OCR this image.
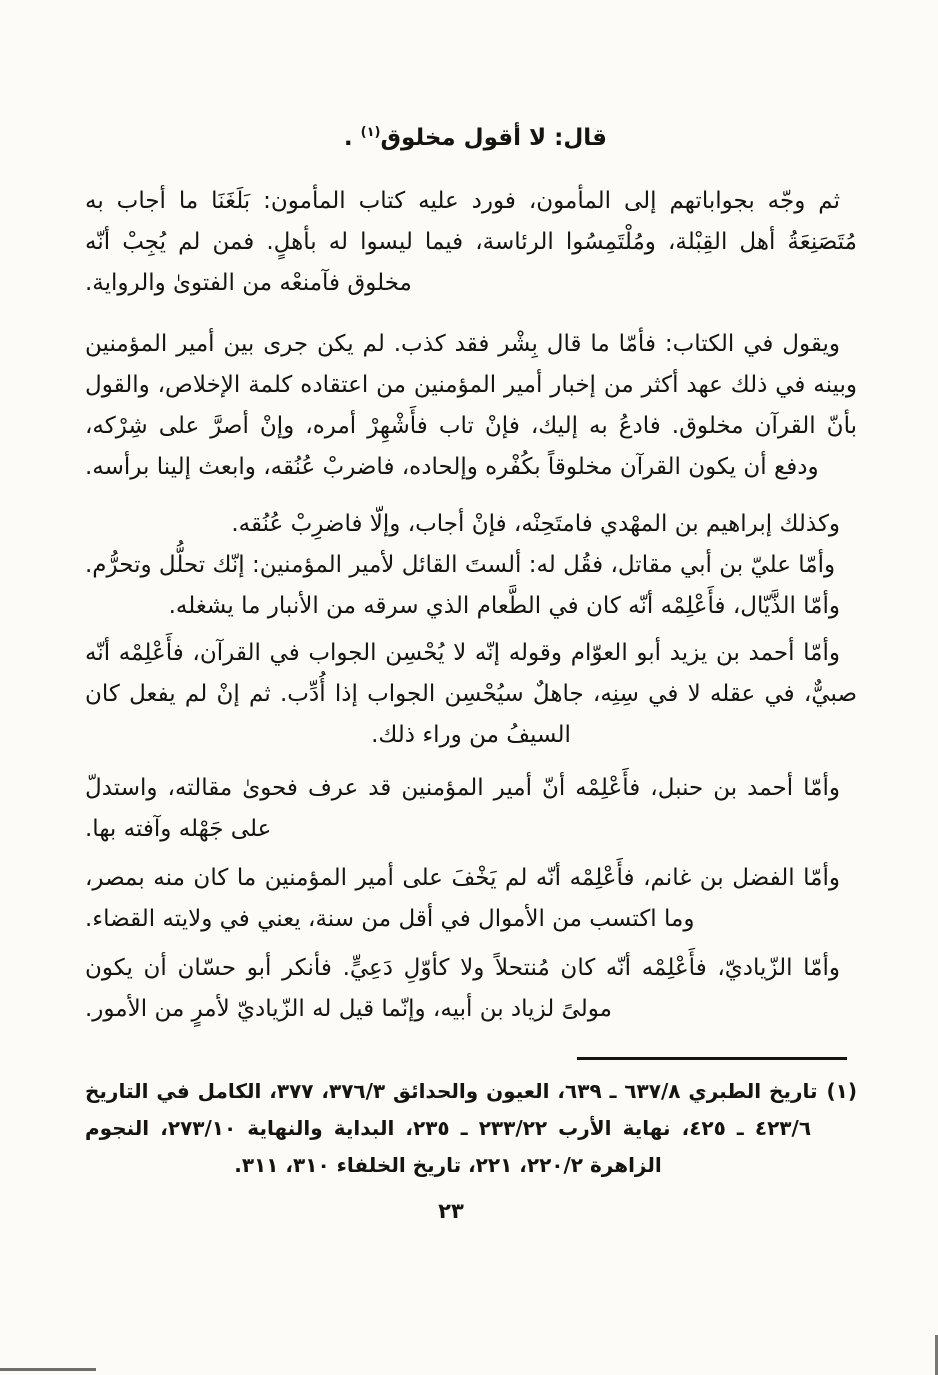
قال: لا أقول مخلوق$^{(١)}$ .

ثم وجّه بجواباتهم إلى المأمون، فورد عليه كتاب المأمون: بَلَغَنَا ما أجاب به مُتَصَنِعَةُ أهل القِبْلة، ومُلْتَمِسُوا الرئاسة، فيما ليسوا له بأهلٍ. فمن لم يُجِبْ أنّه مخلوق فآمنعْه من الفتوىٰ والرواية.

ويقول في الكتاب: فأمّا ما قال بِشْر فقد كذب. لم يكن جرى بين أمير المؤمنين وبينه في ذلك عهد أكثر من إخبار أمير المؤمنين من اعتقاده كلمة الإخلاص، والقول بأنّ القرآن مخلوق. فادعُ به إليك، فإنْ تاب فأَشْهِرْ أمره، وإنْ أصرَّ على شِرْكه، ودفع أن يكون القرآن مخلوقاً بكُفْره وإلحاده، فاضربْ عُنُقه، وابعث إلينا برأسه.

وكذلك إبراهيم بن المهْدي فامتَحِنْه، فإنْ أجاب، وإلّا فاضرِبْ عُنُقه.

وأمّا عليّ بن أبي مقاتل، فقُل له: ألستَ القائل لأمير المؤمنين: إنّك تحلُّل وتحرُّم.

وأمّا الذَّيّال، فأَعْلِمْه أنّه كان في الطَّعام الذي سرقه من الأنبار ما يشغله.

وأمّا أحمد بن يزيد أبو العوّام وقوله إنّه لا يُحْسِن الجواب في القرآن، فأَعْلِمْه أنّه صبيٌّ، في عقله لا في سِنِه، جاهلٌ سيُحْسِن الجواب إذا أُدِّب. ثم إنْ لم يفعل كان السيفُ من وراء ذلك.

وأمّا أحمد بن حنبل، فأَعْلِمْه أنّ أمير المؤمنين قد عرف فحوىٰ مقالته، واستدلّ على جَهْله وآفته بها.

وأمّا الفضل بن غانم، فأَعْلِمْه أنّه لم يَخْفَ على أمير المؤمنين ما كان منه بمصر، وما اكتسب من الأموال في أقل من سنة، يعني في ولايته القضاء.

وأمّا الزّياديّ، فأَعْلِمْه أنّه كان مُنتحلاً ولا كأوّلِ دَعِيٍّ. فأنكر أبو حسّان أن يكون مولىً لزياد بن أبيه، وإنّما قيل له الزّياديّ لأمرٍ من الأمور.

(١)تاريخ الطبري ٦٣٧/٨ ـ ٦٣٩، العيون والحدائق ٣٧٦/٣، ٣٧٧، الكامل في التاريخ ٤٢٣/٦ ـ ٤٢٥، نهاية الأرب ٢٣٣/٢٢ ـ ٢٣٥، البداية والنهاية ٢٧٣/١٠، النجوم الزاهرة ٢٢٠/٢، ٢٢١، تاريخ الخلفاء ٣١٠، ٣١١.

٢٣
